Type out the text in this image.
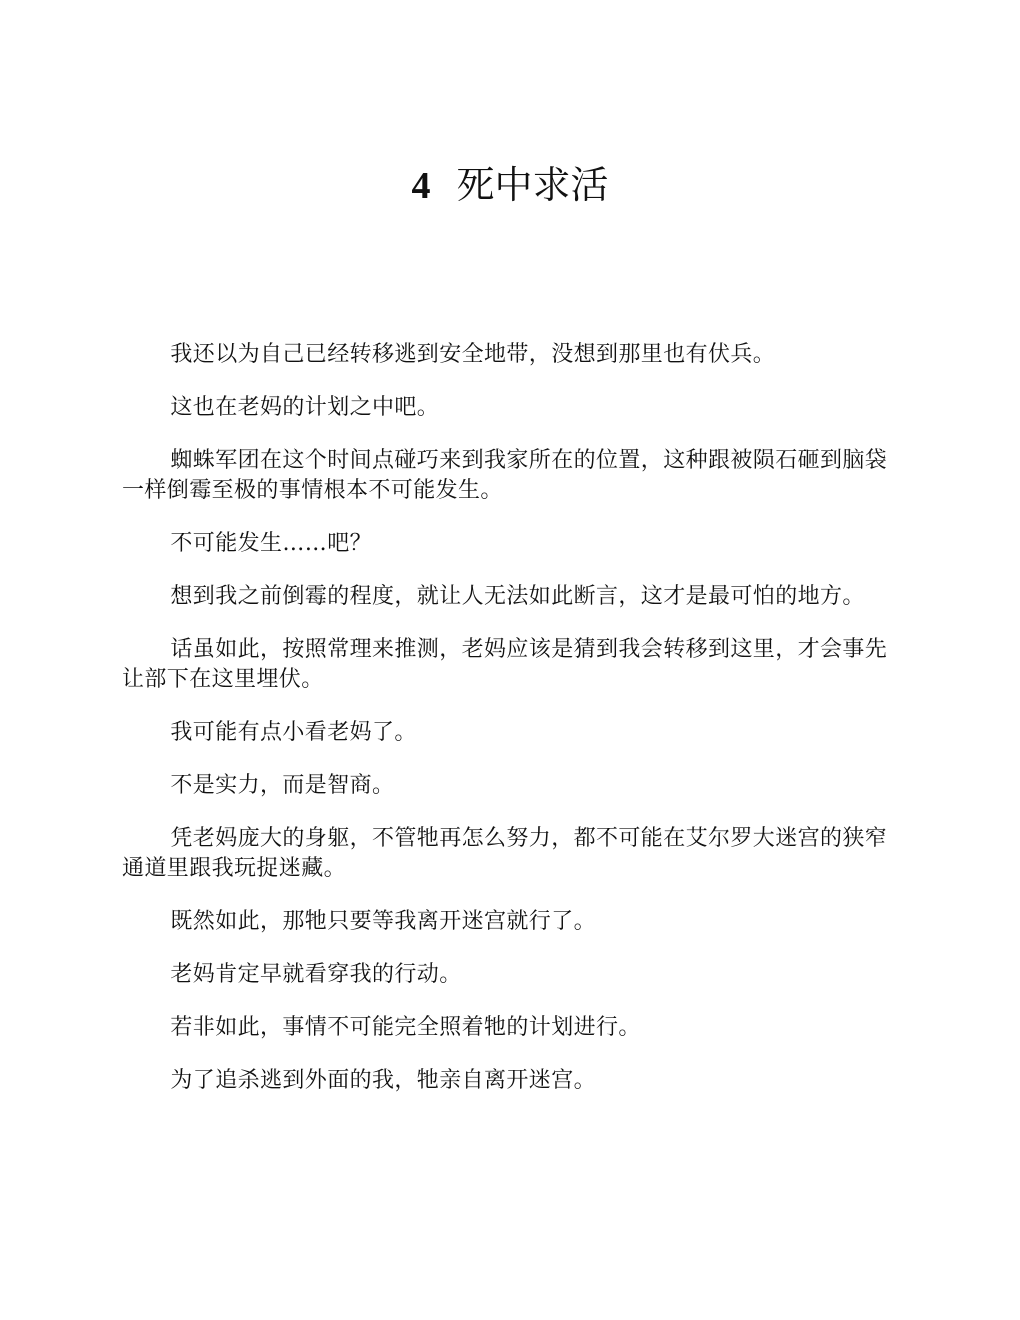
4 死中求活

我还以为自己已经转移逃到安全地带，没想到那里也有伏兵。

这也在老妈的计划之中吧。

蜘蛛军团在这个时间点碰巧来到我家所在的位置，这种跟被陨石砸到脑袋一样倒霉至极的事情根本不可能发生。

不可能发生……吧？

想到我之前倒霉的程度，就让人无法如此断言，这才是最可怕的地方。

话虽如此，按照常理来推测，老妈应该是猜到我会转移到这里，才会事先让部下在这里埋伏。

我可能有点小看老妈了。

不是实力，而是智商。

凭老妈庞大的身躯，不管牠再怎么努力，都不可能在艾尔罗大迷宫的狭窄通道里跟我玩捉迷藏。

既然如此，那牠只要等我离开迷宫就行了。

老妈肯定早就看穿我的行动。

若非如此，事情不可能完全照着牠的计划进行。

为了追杀逃到外面的我，牠亲自离开迷宫。
